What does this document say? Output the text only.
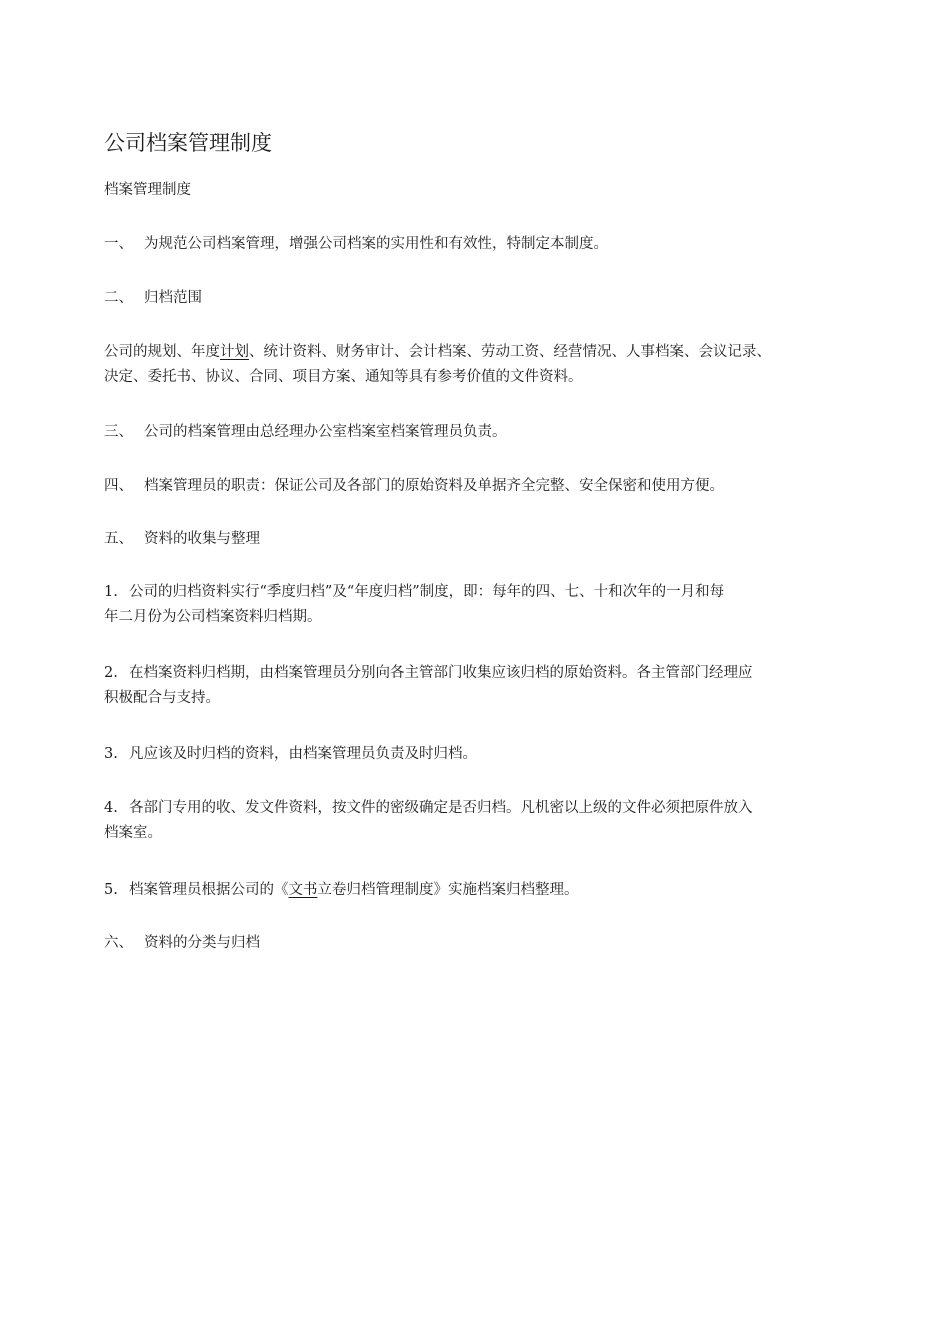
公司档案管理制度
档案管理制度
一、 为规范公司档案管理，增强公司档案的实用性和有效性，特制定本制度。
二、 归档范围
公司的规划、年度计划、统计资料、财务审计、会计档案、劳动工资、经营情况、人事档案、会议记录、
决定、委托书、协议、合同、项目方案、通知等具有参考价值的文件资料。
三、 公司的档案管理由总经理办公室档案室档案管理员负责。
四、 档案管理员的职责：保证公司及各部门的原始资料及单据齐全完整、安全保密和使用方便。
五、 资料的收集与整理
1. 公司的归档资料实行“季度归档”及“年度归档”制度，即：每年的四、七、十和次年的一月和每
年二月份为公司档案资料归档期。
2. 在档案资料归档期，由档案管理员分别向各主管部门收集应该归档的原始资料。各主管部门经理应
积极配合与支持。
3. 凡应该及时归档的资料，由档案管理员负责及时归档。
4. 各部门专用的收、发文件资料，按文件的密级确定是否归档。凡机密以上级的文件必须把原件放入
档案室。
5. 档案管理员根据公司的《文书立卷归档管理制度》实施档案归档整理。
六、 资料的分类与归档
